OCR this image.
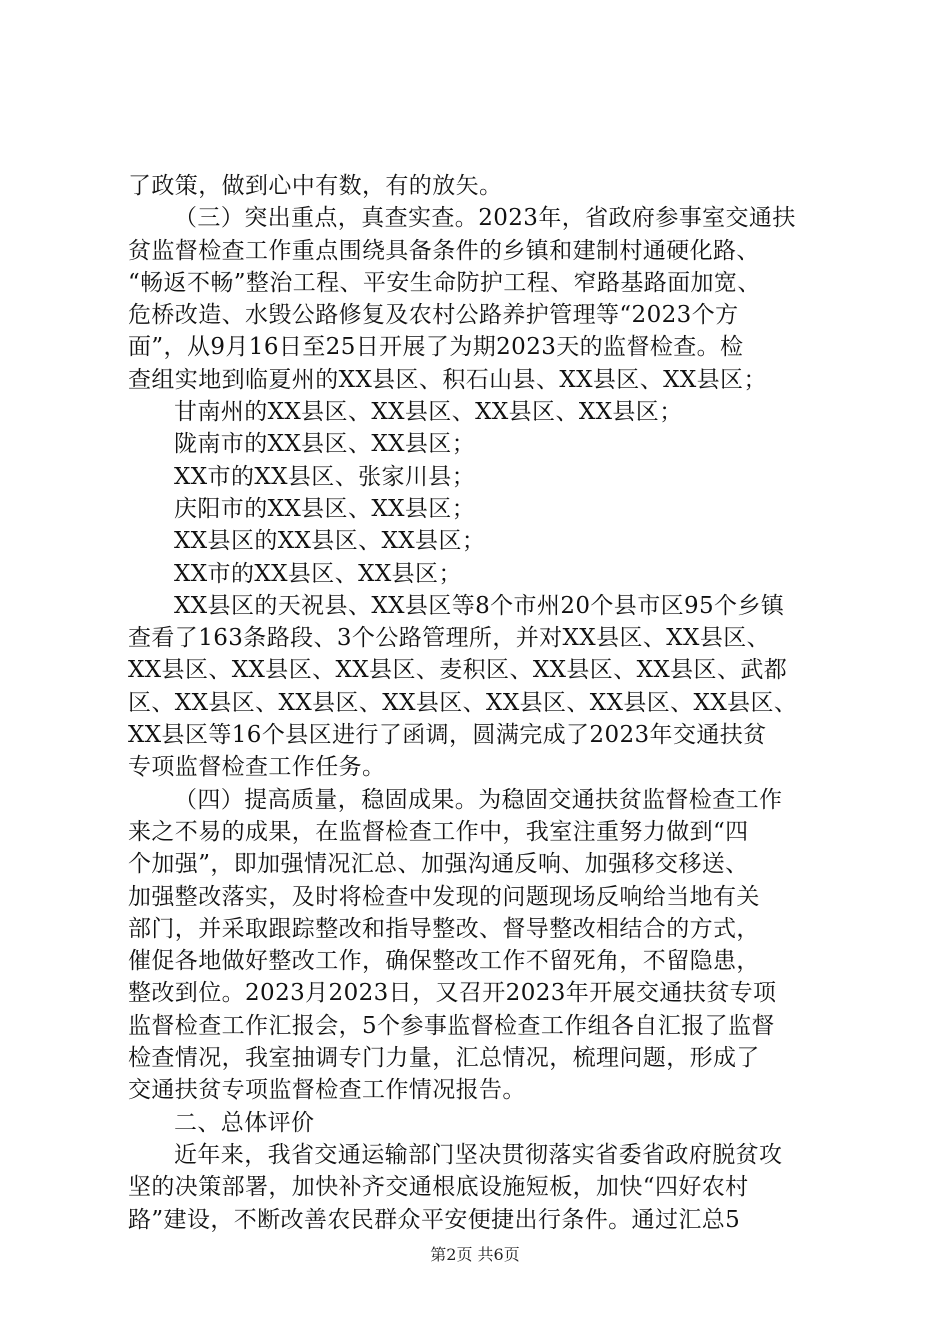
了政策，做到心中有数，有的放矢。
（三）突出重点，真查实查。2023年，省政府参事室交通扶
贫监督检查工作重点围绕具备条件的乡镇和建制村通硬化路、
“畅返不畅”整治工程、平安生命防护工程、窄路基路面加宽、
危桥改造、水毁公路修复及农村公路养护管理等“2023个方
面”，从9月16日至25日开展了为期2023天的监督检查。检
查组实地到临夏州的XX县区、积石山县、XX县区、XX县区；
甘南州的XX县区、XX县区、XX县区、XX县区；
陇南市的XX县区、XX县区；
XX市的XX县区、张家川县；
庆阳市的XX县区、XX县区；
XX县区的XX县区、XX县区；
XX市的XX县区、XX县区；
XX县区的天祝县、XX县区等8个市州20个县市区95个乡镇
查看了163条路段、3个公路管理所，并对XX县区、XX县区、
XX县区、XX县区、XX县区、麦积区、XX县区、XX县区、武都
区、XX县区、XX县区、XX县区、XX县区、XX县区、XX县区、
XX县区等16个县区进行了函调，圆满完成了2023年交通扶贫
专项监督检查工作任务。
（四）提高质量，稳固成果。为稳固交通扶贫监督检查工作
来之不易的成果，在监督检查工作中，我室注重努力做到“四
个加强”，即加强情况汇总、加强沟通反响、加强移交移送、
加强整改落实，及时将检查中发现的问题现场反响给当地有关
部门，并采取跟踪整改和指导整改、督导整改相结合的方式，
催促各地做好整改工作，确保整改工作不留死角，不留隐患，
整改到位。2023月2023日，又召开2023年开展交通扶贫专项
监督检查工作汇报会，5个参事监督检查工作组各自汇报了监督
检查情况，我室抽调专门力量，汇总情况，梳理问题，形成了
交通扶贫专项监督检查工作情况报告。
二、总体评价
近年来，我省交通运输部门坚决贯彻落实省委省政府脱贫攻
坚的决策部署，加快补齐交通根底设施短板，加快“四好农村
路”建设，不断改善农民群众平安便捷出行条件。通过汇总5
第2页 共6页
